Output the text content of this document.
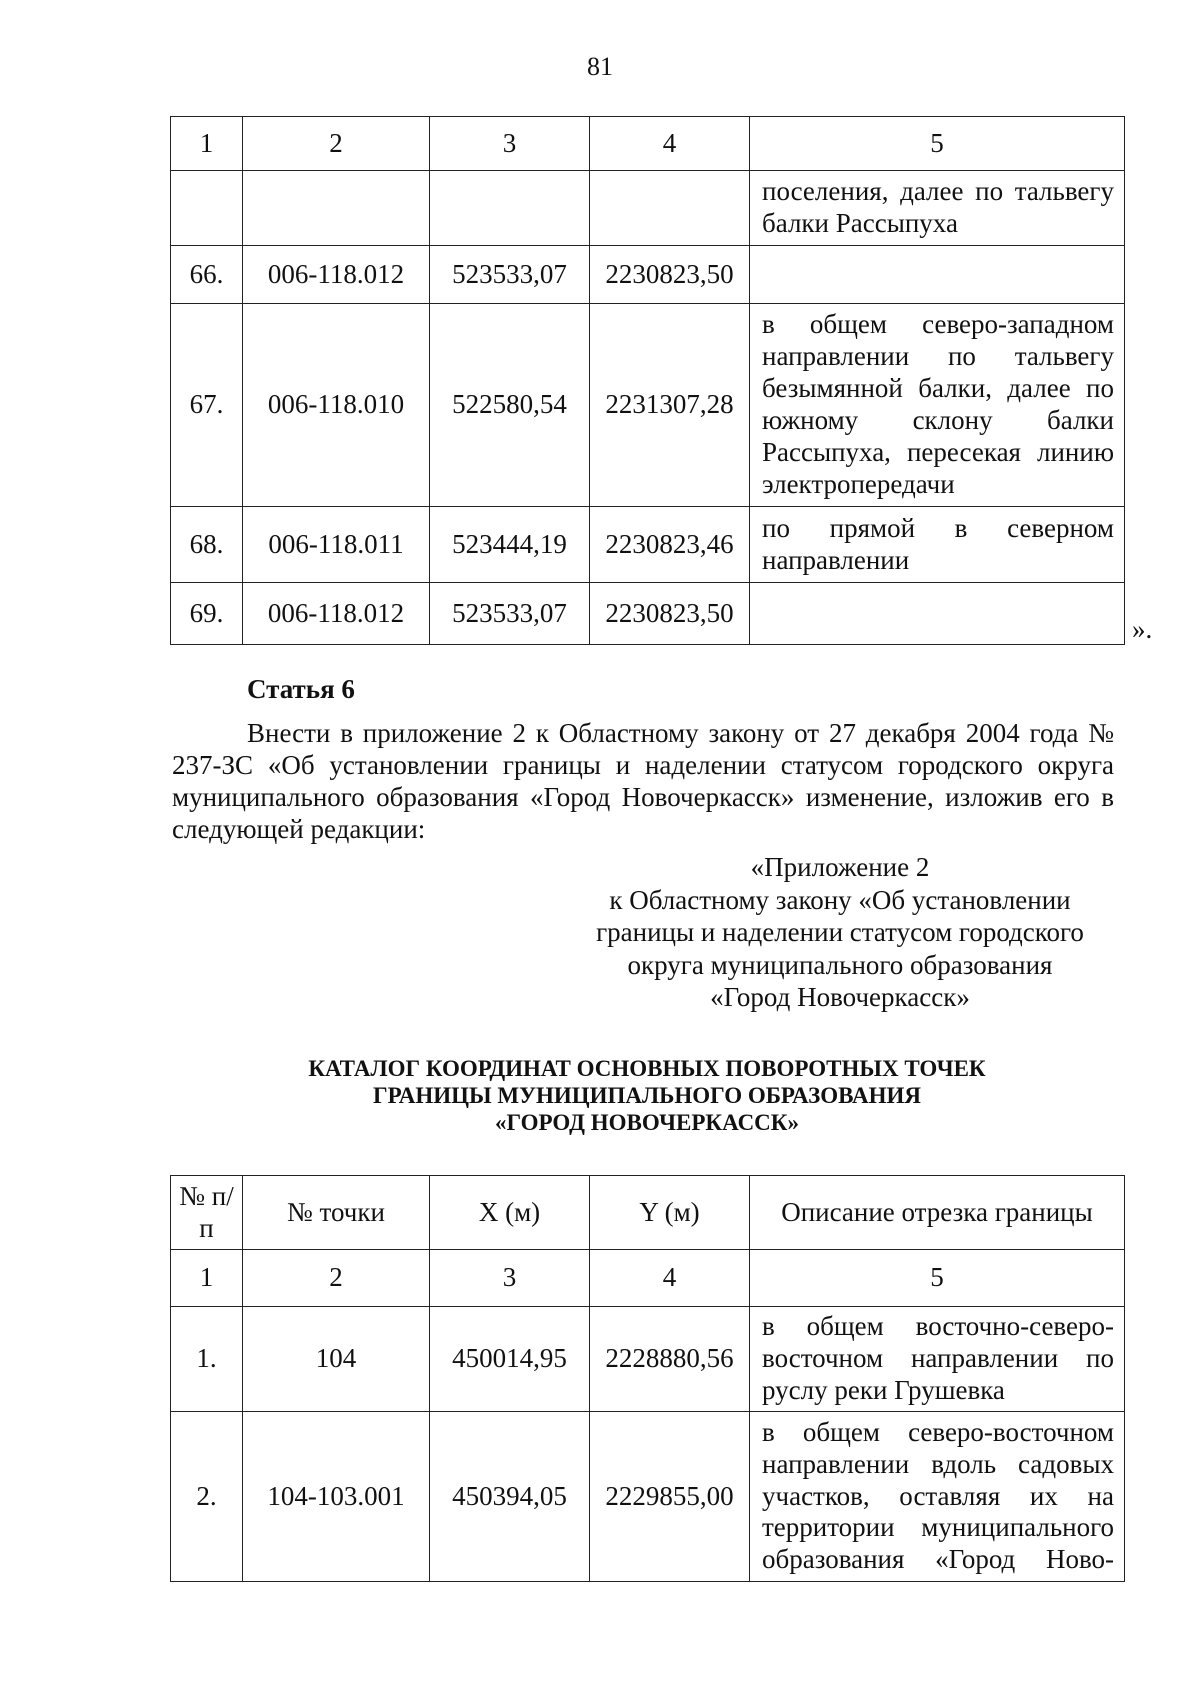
81
1	2	3	4	5
				поселения, далее по тальвегу балки Рассыпуха
66.	006-118.012	523533,07	2230823,50	
67.	006-118.010	522580,54	2231307,28	в общем северо-западном направлении по тальвегу безымянной балки, далее по южному склону балки Рассыпуха, пересекая линию электропередачи
68.	006-118.011	523444,19	2230823,46	по прямой в северном направлении
69.	006-118.012	523533,07	2230823,50	
».
Статья 6

Внести в приложение 2 к Областному закону от 27 декабря 2004 года № 237-ЗС «Об установлении границы и наделении статусом городского округа муниципального образования «Город Новочеркасск» изменение, изложив его в следующей редакции:

«Приложение 2
к Областному закону «Об установлении
границы и наделении статусом городского
округа муниципального образования
«Город Новочеркасск»
КАТАЛОГ КООРДИНАТ ОСНОВНЫХ ПОВОРОТНЫХ ТОЧЕК
ГРАНИЦЫ МУНИЦИПАЛЬНОГО ОБРАЗОВАНИЯ
«ГОРОД НОВОЧЕРКАССК»
№ п/п	№ точки	X (м)	Y (м)	Описание отрезка границы
1	2	3	4	5
1.	104	450014,95	2228880,56	в общем восточно-северо-восточном направлении по руслу реки Грушевка
2.	104-103.001	450394,05	2229855,00	в общем северо-восточном направлении вдоль садовых участков, оставляя их на территории муниципального образования «Город Ново-
